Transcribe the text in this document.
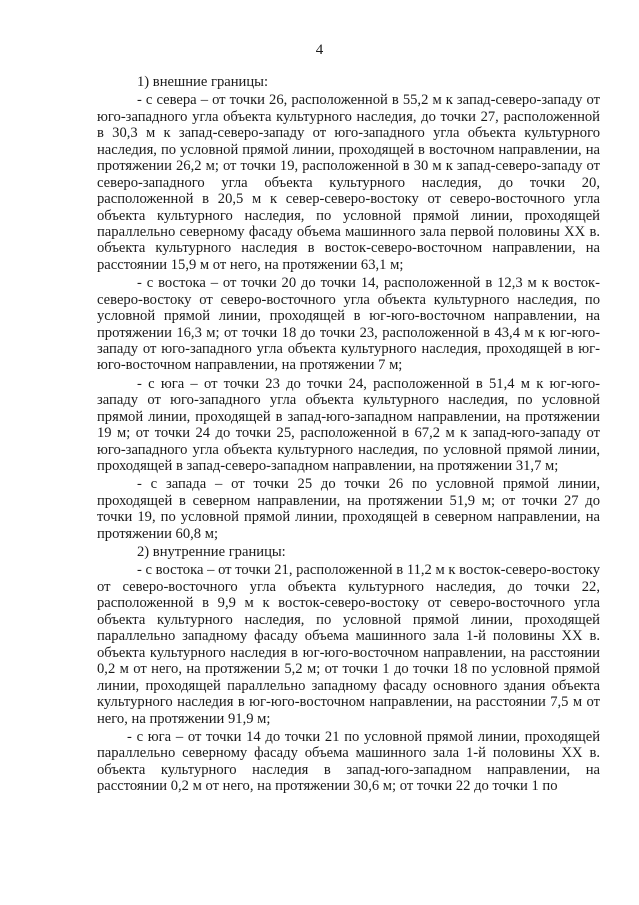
4

1) внешние границы:

- с севера – от точки 26, расположенной в 55,2 м к запад-северо-западу от юго-западного угла объекта культурного наследия, до точки 27, расположенной в 30,3 м к запад-северо-западу от юго-западного угла объекта культурного наследия, по условной прямой линии, проходящей в восточном направлении, на протяжении 26,2 м; от точки 19, расположенной в 30 м к запад-северо-западу от северо-западного угла объекта культурного наследия, до точки 20, расположенной в 20,5 м к север-северо-востоку от северо-восточного угла объекта культурного наследия, по условной прямой линии, проходящей параллельно северному фасаду объема машинного зала первой половины XX в. объекта культурного наследия в восток-северо-восточном направлении, на расстоянии 15,9 м от него, на протяжении 63,1 м;

- с востока – от точки 20 до точки 14, расположенной в 12,3 м к восток-северо-востоку от северо-восточного угла объекта культурного наследия, по условной прямой линии, проходящей в юг-юго-восточном направлении, на протяжении 16,3 м; от точки 18 до точки 23, расположенной в 43,4 м к юг-юго-западу от юго-западного угла объекта культурного наследия, проходящей в юг-юго-восточном направлении, на протяжении 7 м;

- с юга – от точки 23 до точки 24, расположенной в 51,4 м к юг-юго-западу от юго-западного угла объекта культурного наследия, по условной прямой линии, проходящей в запад-юго-западном направлении, на протяжении 19 м; от точки 24 до точки 25, расположенной в 67,2 м к запад-юго-западу от юго-западного угла объекта культурного наследия, по условной прямой линии, проходящей в запад-северо-западном направлении, на протяжении 31,7 м;

- с запада – от точки 25 до точки 26 по условной прямой линии, проходящей в северном направлении, на протяжении 51,9 м; от точки 27 до точки 19, по условной прямой линии, проходящей в северном направлении, на протяжении 60,8 м;

2) внутренние границы:

- с востока – от точки 21, расположенной в 11,2 м к восток-северо-востоку от северо-восточного угла объекта культурного наследия, до точки 22, расположенной в 9,9 м к восток-северо-востоку от северо-восточного угла объекта культурного наследия, по условной прямой линии, проходящей параллельно западному фасаду объема машинного зала 1-й половины XX в. объекта культурного наследия в юг-юго-восточном направлении, на расстоянии 0,2 м от него, на протяжении 5,2 м; от точки 1 до точки 18 по условной прямой линии, проходящей параллельно западному фасаду основного здания объекта культурного наследия в юг-юго-восточном направлении, на расстоянии 7,5 м от него, на протяжении 91,9 м;

- с юга – от точки 14 до точки 21 по условной прямой линии, проходящей параллельно северному фасаду объема машинного зала 1-й половины XX в. объекта культурного наследия в запад-юго-западном направлении, на расстоянии 0,2 м от него, на протяжении 30,6 м; от точки 22 до точки 1 по
